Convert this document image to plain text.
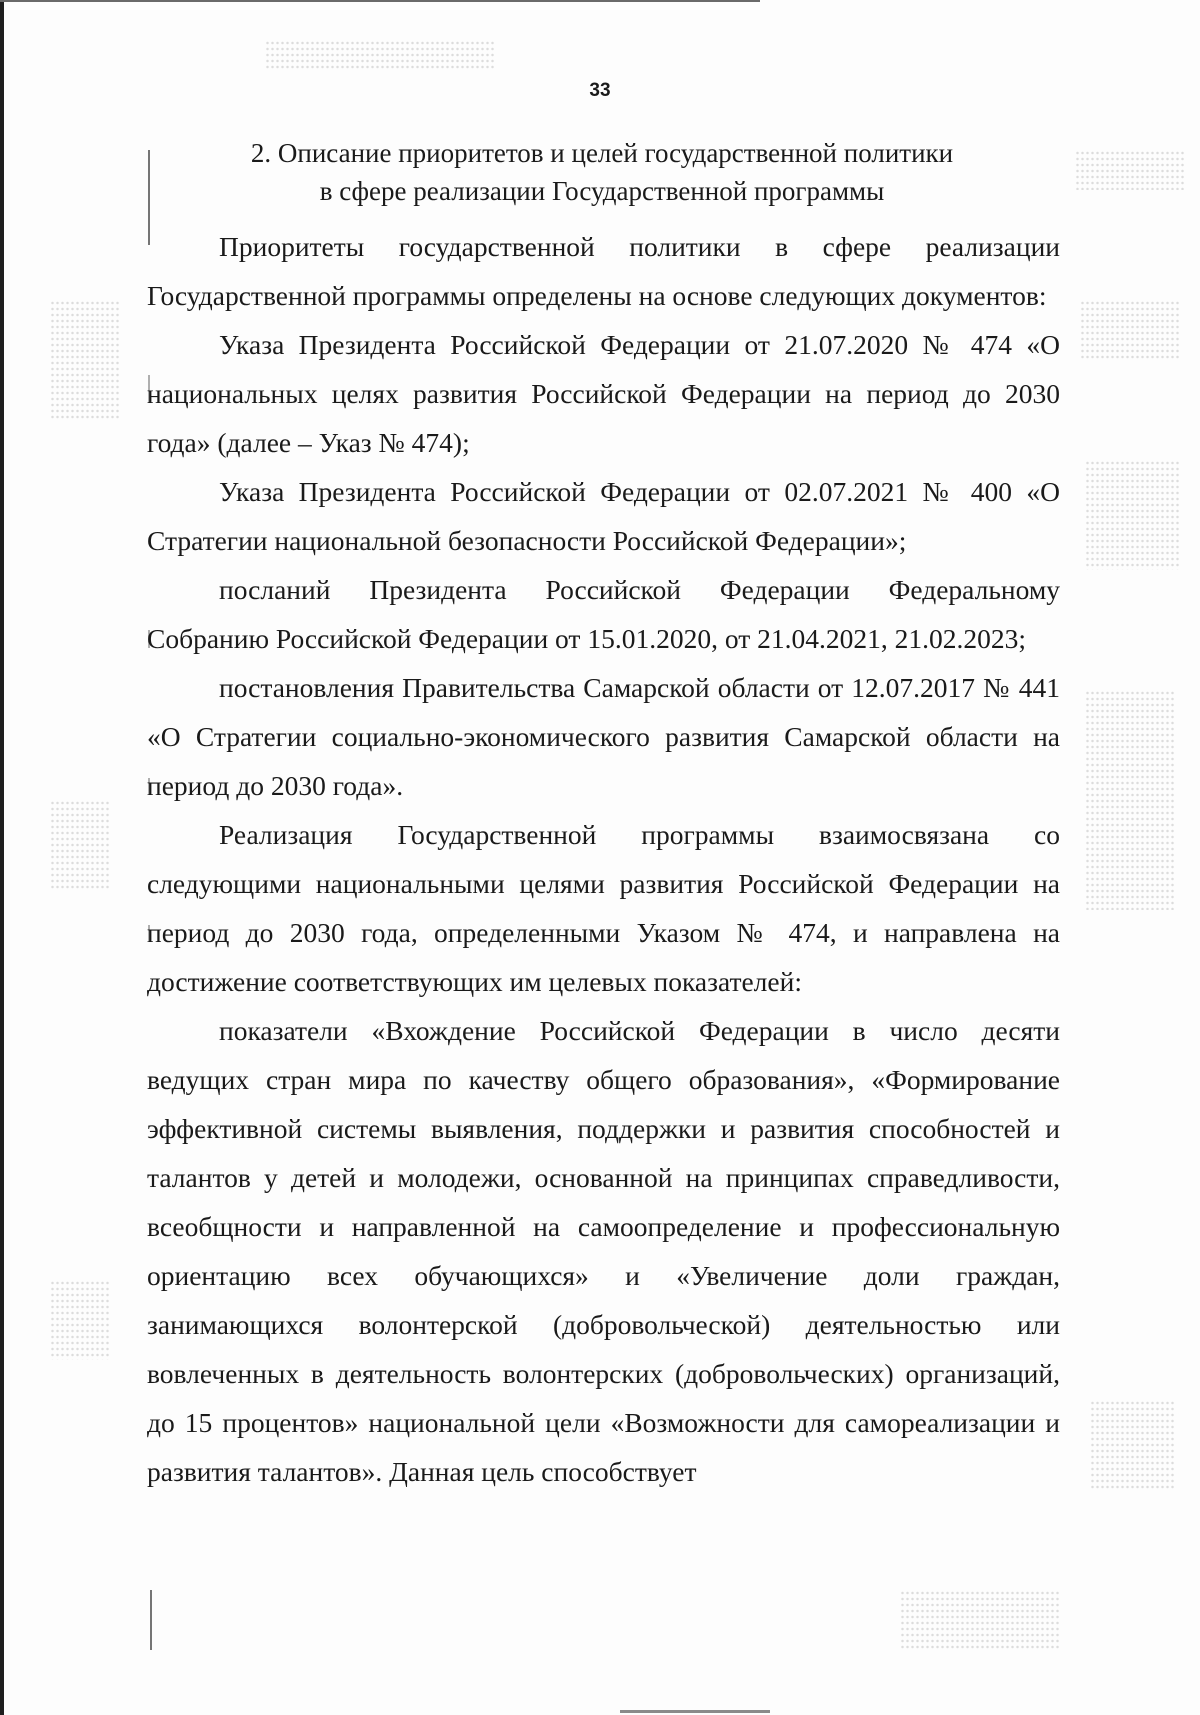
33
2. Описание приоритетов и целей государственной политики
в сфере реализации Государственной программы

Приоритеты государственной политики в сфере реализации Государственной программы определены на основе следующих документов:

Указа Президента Российской Федерации от 21.07.2020 № 474 «О национальных целях развития Российской Федерации на период до 2030 года» (далее – Указ № 474);

Указа Президента Российской Федерации от 02.07.2021 № 400 «О Стратегии национальной безопасности Российской Федерации»;

посланий Президента Российской Федерации Федеральному Собранию Российской Федерации от 15.01.2020, от 21.04.2021, 21.02.2023;

постановления Правительства Самарской области от 12.07.2017 № 441 «О Стратегии социально-экономического развития Самарской области на период до 2030 года».

Реализация Государственной программы взаимосвязана со следующими национальными целями развития Российской Федерации на период до 2030 года, определенными Указом № 474, и направлена на достижение соответствующих им целевых показателей:

показатели «Вхождение Российской Федерации в число десяти ведущих стран мира по качеству общего образования», «Формирование эффективной системы выявления, поддержки и развития способностей и талантов у детей и молодежи, основанной на принципах справедливости, всеобщности и направленной на самоопределение и профессиональную ориентацию всех обучающихся» и «Увеличение доли граждан, занимающихся волонтерской (добровольческой) деятельностью или вовлеченных в деятельность волонтерских (добровольческих) организаций, до 15 процентов» национальной цели «Возможности для самореализации и развития талантов». Данная цель способствует
